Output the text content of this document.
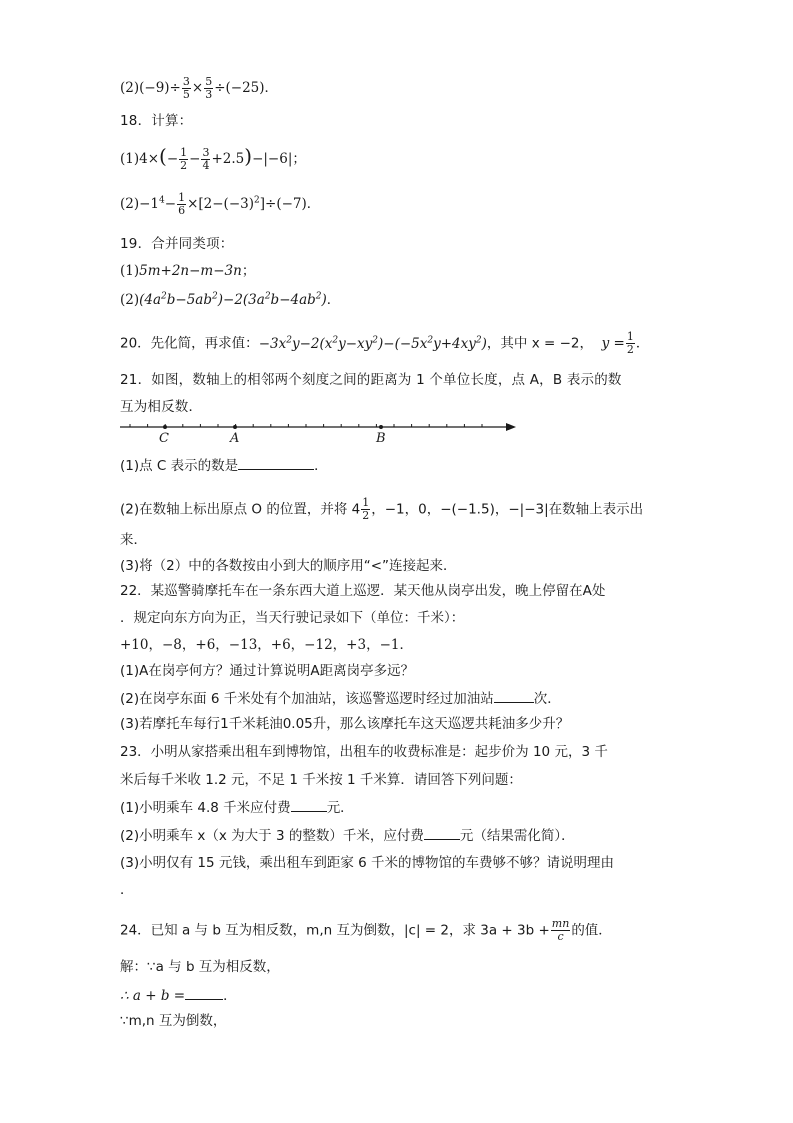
$(2)(-9)\div \frac{3}{5} \times \frac{5}{3} \div(-25)$．
18．计算：
$(1)4\times(- \frac{1}{2} - \frac{3}{4} +2.5)-|-6|$；
$(2)-1^4- \frac{1}{6} \times[2-(-3)^2]\div(-7)$．
19．合并同类项：
(1)5m+2n−m−3n；
$(2)(4a^2b-5ab^2)-2(3a^2b-4ab^2)$．
20．先化简，再求值：$-3x^2y-2(x^2y-xy^2)-(-5x^2y+4xy^2)$，其中 x = −2， $y = \frac{1}{2}$ ．
21．如图，数轴上的相邻两个刻度之间的距离为 1 个单位长度，点 A，B 表示的数
互为相反数．
C	A	B
(1)点 C 表示的数是	．
(2)在数轴上标出原点 O 的位置，并将 $4 \frac{1}{2}$ ，−1，0，−(−1.5)，−|−3|在数轴上表示出
来．
(3)将（2）中的各数按由小到大的顺序用“<”连接起来．
22．某巡警骑摩托车在一条东西大道上巡逻．某天他从岗亭出发，晚上停留在A处
．规定向东方向为正，当天行驶记录如下（单位：千米）：
+10，−8，+6，−13，+6，−12，+3，−1．
(1)A在岗亭何方？通过计算说明A距离岗亭多远？
(2)在岗亭东面 6 千米处有个加油站，该巡警巡逻时经过加油站	次．
(3)若摩托车每行1千米耗油0.05升，那么该摩托车这天巡逻共耗油多少升？
23．小明从家搭乘出租车到博物馆，出租车的收费标准是：起步价为 10 元，3 千
米后每千米收 1.2 元，不足 1 千米按 1 千米算．请回答下列问题：
(1)小明乘车 4.8 千米应付费	元．
(2)小明乘车 x（x 为大于 3 的整数）千米，应付费	元（结果需化简）．
(3)小明仅有 15 元钱，乘出租车到距家 6 千米的博物馆的车费够不够？请说明理由
．
24．已知 a 与 b 互为相反数，m,n 互为倒数，|c| = 2，求 $3a + 3b + \frac{mn}{c}$ 的值．
解：∵a 与 b 互为相反数，
∴ a + b =	．
∵m,n 互为倒数，
